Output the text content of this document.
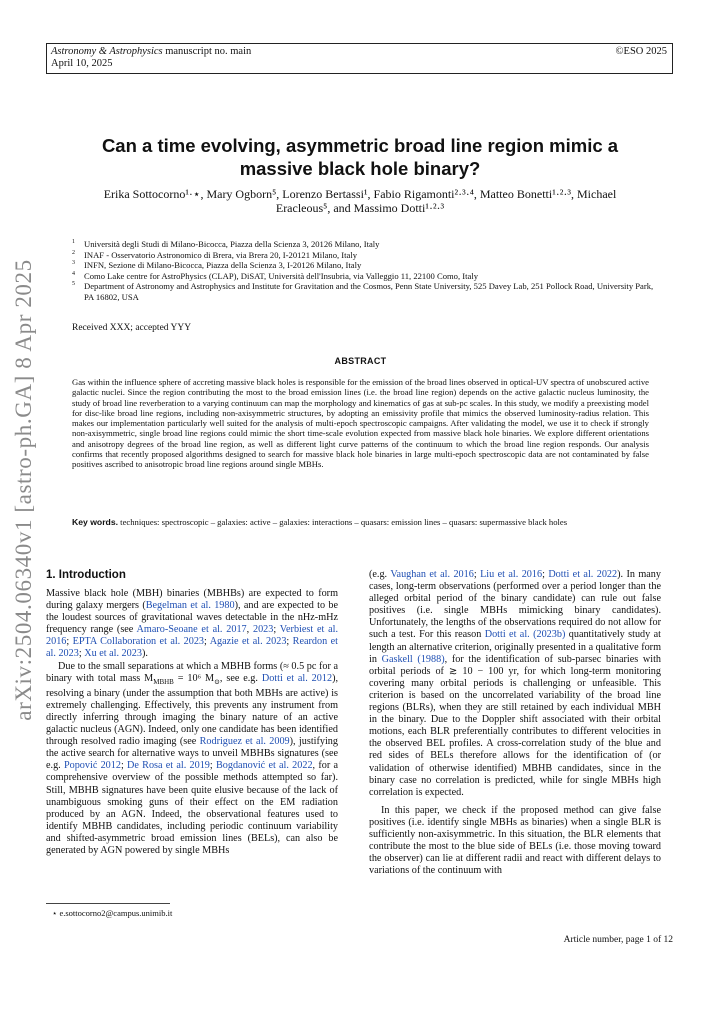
Astronomy & Astrophysics manuscript no. main
April 10, 2025
©ESO 2025
arXiv:2504.06340v1 [astro-ph.GA] 8 Apr 2025
Can a time evolving, asymmetric broad line region mimic a
massive black hole binary?
Erika Sottocorno¹·⋆, Mary Ogborn⁵, Lorenzo Bertassi¹, Fabio Rigamonti²·³·⁴, Matteo Bonetti¹·²·³, Michael
Eracleous⁵, and Massimo Dotti¹·²·³
1 Università degli Studi di Milano-Bicocca, Piazza della Scienza 3, 20126 Milano, Italy
2 INAF - Osservatorio Astronomico di Brera, via Brera 20, I-20121 Milano, Italy
3 INFN, Sezione di Milano-Bicocca, Piazza della Scienza 3, I-20126 Milano, Italy
4 Como Lake centre for AstroPhysics (CLAP), DiSAT, Università dell'Insubria, via Valleggio 11, 22100 Como, Italy
5 Department of Astronomy and Astrophysics and Institute for Gravitation and the Cosmos, Penn State University, 525 Davey Lab, 251 Pollock Road, University Park, PA 16802, USA
Received XXX; accepted YYY
ABSTRACT
Gas within the influence sphere of accreting massive black holes is responsible for the emission of the broad lines observed in optical-UV spectra of unobscured active galactic nuclei. Since the region contributing the most to the broad emission lines (i.e. the broad line region) depends on the active galactic nucleus luminosity, the study of broad line reverberation to a varying continuum can map the morphology and kinematics of gas at sub-pc scales. In this study, we modify a preexisting model for disc-like broad line regions, including non-axisymmetric structures, by adopting an emissivity profile that mimics the observed luminosity-radius relation. This makes our implementation particularly well suited for the analysis of multi-epoch spectroscopic campaigns. After validating the model, we use it to check if strongly non-axisymmetric, single broad line regions could mimic the short time-scale evolution expected from massive black hole binaries. We explore different orientations and anisotropy degrees of the broad line region, as well as different light curve patterns of the continuum to which the broad line region responds. Our analysis confirms that recently proposed algorithms designed to search for massive black hole binaries in large multi-epoch spectroscopic data are not contaminated by false positives ascribed to anisotropic broad line regions around single MBHs.
Key words. techniques: spectroscopic – galaxies: active – galaxies: interactions – quasars: emission lines – quasars: supermassive black holes
1. Introduction

Massive black hole (MBH) binaries (MBHBs) are expected to form during galaxy mergers (Begelman et al. 1980), and are expected to be the loudest sources of gravitational waves detectable in the nHz-mHz frequency range (see Amaro-Seoane et al. 2017, 2023; Verbiest et al. 2016; EPTA Collaboration et al. 2023; Agazie et al. 2023; Reardon et al. 2023; Xu et al. 2023).

Due to the small separations at which a MBHB forms (≈ 0.5 pc for a binary with total mass $M_{MBHB} = 10^6$ $M_⊙$, see e.g. Dotti et al. 2012), resolving a binary (under the assumption that both MBHs are active) is extremely challenging. Effectively, this prevents any instrument from directly inferring through imaging the binary nature of an active galactic nucleus (AGN). Indeed, only one candidate has been identified through resolved radio imaging (see Rodriguez et al. 2009), justifying the active search for alternative ways to unveil MBHBs signatures (see e.g. Popović 2012; De Rosa et al. 2019; Bogdanović et al. 2022, for a comprehensive overview of the possible methods attempted so far). Still, MBHB signatures have been quite elusive because of the lack of unambiguous smoking guns of their effect on the EM radiation produced by an AGN. Indeed, the observational features used to identify MBHB candidates, including periodic continuum variability and shifted-asymmetric broad emission lines (BELs), can also be generated by AGN powered by single MBHs

(e.g. Vaughan et al. 2016; Liu et al. 2016; Dotti et al. 2022). In many cases, long-term observations (performed over a period longer than the alleged orbital period of the binary candidate) can rule out false positives (i.e. single MBHs mimicking binary candidates). Unfortunately, the lengths of the observations required do not allow for such a test. For this reason Dotti et al. (2023b) quantitatively study at length an alternative criterion, originally presented in a qualitative form in Gaskell (1988), for the identification of sub-parsec binaries with orbital periods of ≳ 10 − 100 yr, for which long-term monitoring covering many orbital periods is challenging or unfeasible. This criterion is based on the uncorrelated variability of the broad line regions (BLRs), when they are still retained by each individual MBH in the binary. Due to the Doppler shift associated with their orbital motions, each BLR preferentially contributes to different velocities in the observed BEL profiles. A cross-correlation study of the blue and red sides of BELs therefore allows for the identification of (or validation of otherwise identified) MBHB candidates, since in the binary case no correlation is predicted, while for single MBHs high correlation is expected.

In this paper, we check if the proposed method can give false positives (i.e. identify single MBHs as binaries) when a single BLR is sufficiently non-axisymmetric. In this situation, the BLR elements that contribute the most to the blue side of BELs (i.e. those moving toward the observer) can lie at different radii and react with different delays to variations of the continuum with

⋆ e.sottocorno2@campus.unimib.it
Article number, page 1 of 12
